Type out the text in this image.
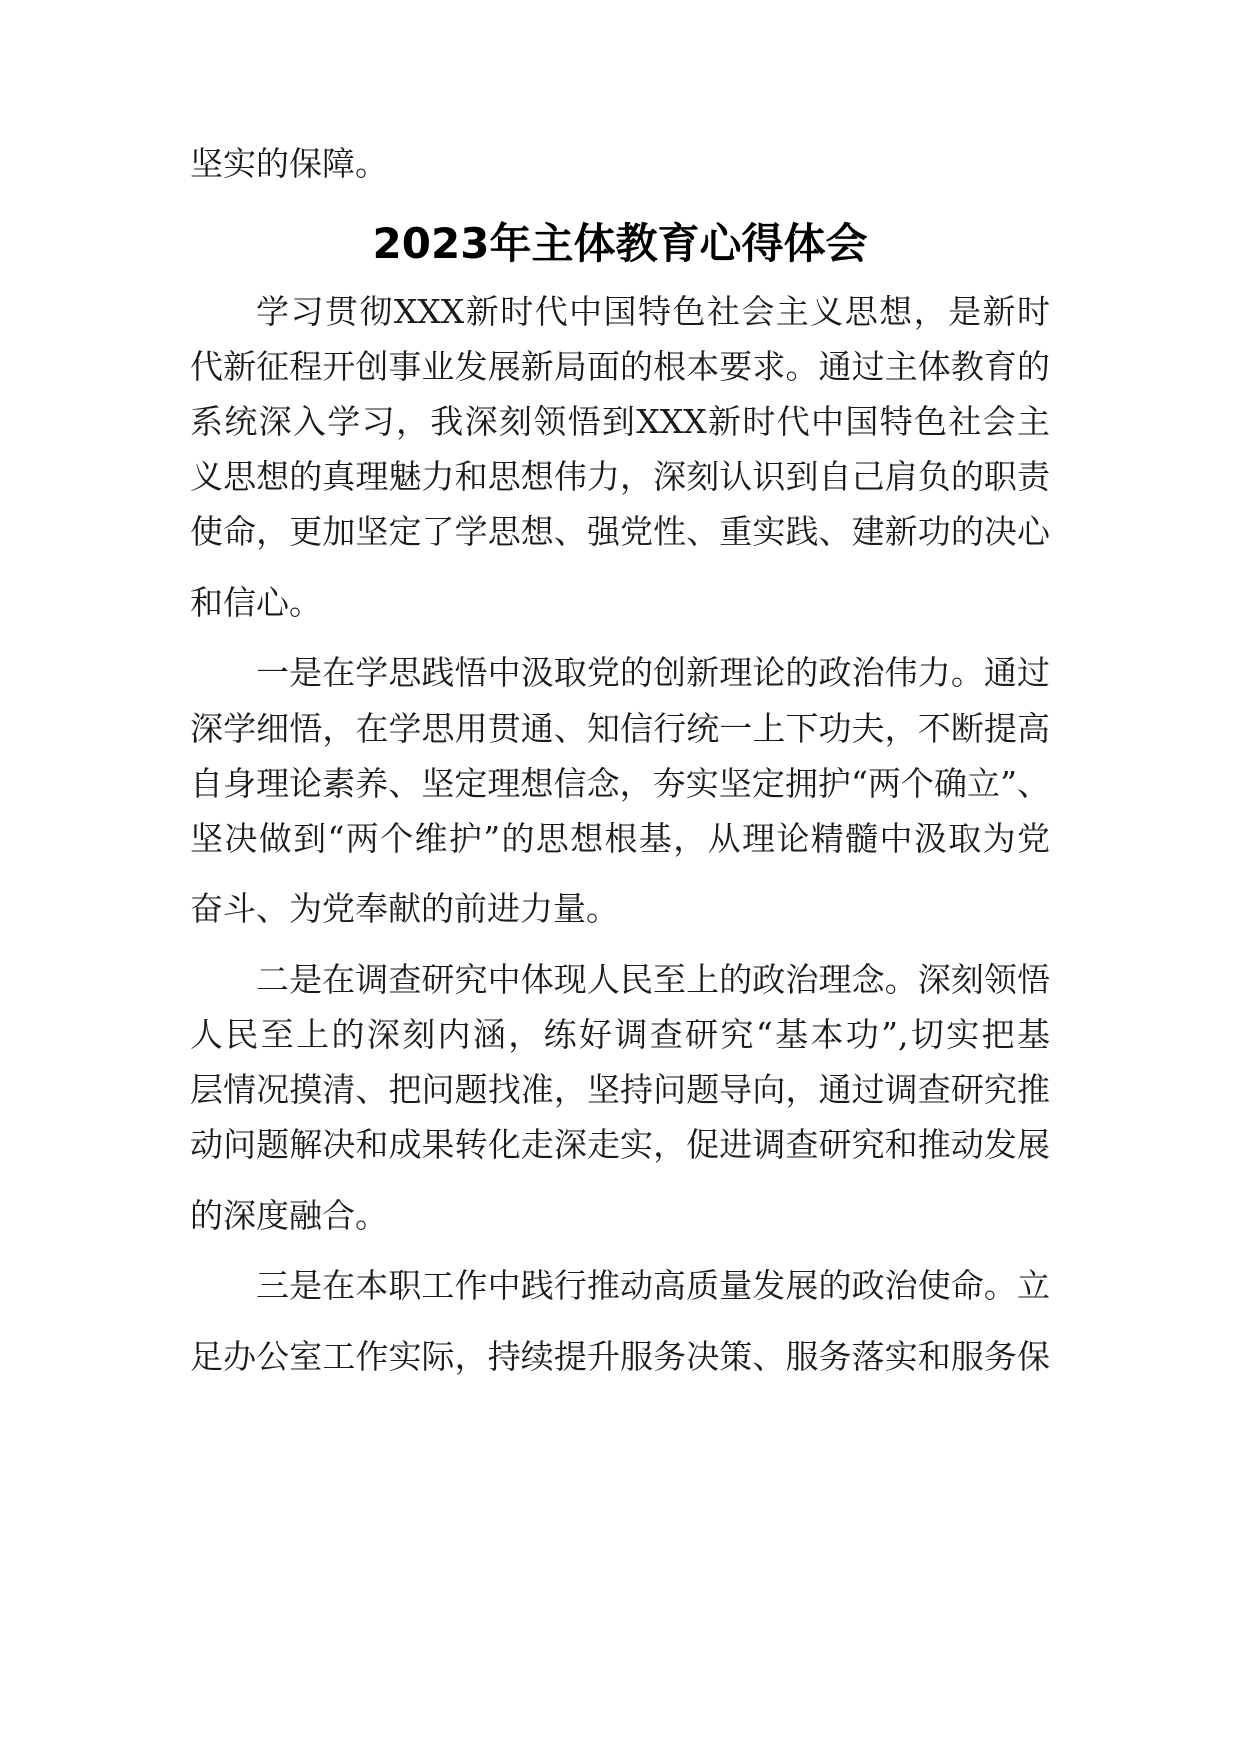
坚实的保障。
2023年主体教育心得体会
学习贯彻XXX新时代中国特色社会主义思想，是新时
代新征程开创事业发展新局面的根本要求。通过主体教育的
系统深入学习，我深刻领悟到XXX新时代中国特色社会主
义思想的真理魅力和思想伟力，深刻认识到自己肩负的职责
使命，更加坚定了学思想、强党性、重实践、建新功的决心
和信心。
一是在学思践悟中汲取党的创新理论的政治伟力。通过
深学细悟，在学思用贯通、知信行统一上下功夫，不断提高
自身理论素养、坚定理想信念，夯实坚定拥护“两个确立”、
坚决做到“两个维护”的思想根基，从理论精髓中汲取为党
奋斗、为党奉献的前进力量。
二是在调查研究中体现人民至上的政治理念。深刻领悟
人民至上的深刻内涵，练好调查研究“基本功”,切实把基
层情况摸清、把问题找准，坚持问题导向，通过调查研究推
动问题解决和成果转化走深走实，促进调查研究和推动发展
的深度融合。
三是在本职工作中践行推动高质量发展的政治使命。立
足办公室工作实际，持续提升服务决策、服务落实和服务保
